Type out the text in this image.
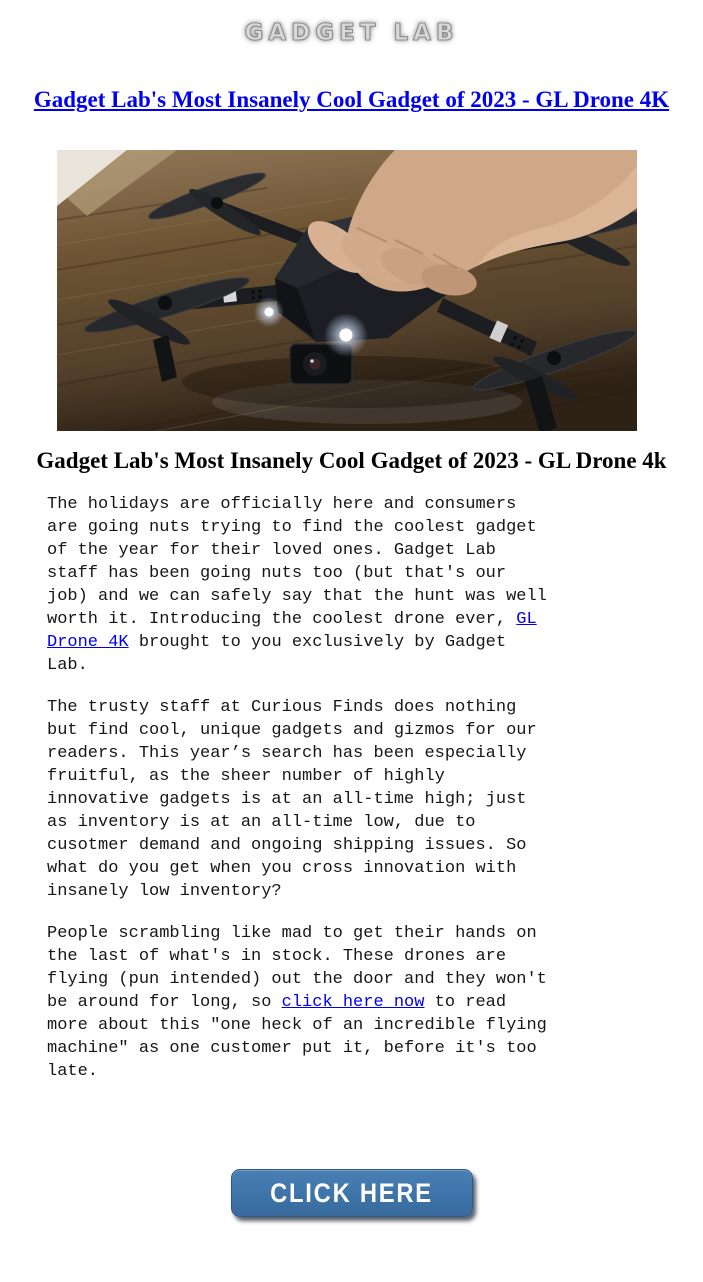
GADGET LAB
Gadget Lab's Most Insanely Cool Gadget of 2023 - GL Drone 4K
Gadget Lab's Most Insanely Cool Gadget of 2023 - GL Drone 4k

The holidays are officially here and consumers are going nuts trying to find the coolest gadget of the year for their loved ones. Gadget Lab staff has been going nuts too (but that's our job) and we can safely say that the hunt was well worth it. Introducing the coolest drone ever, GL Drone 4K brought to you exclusively by Gadget Lab.

The trusty staff at Curious Finds does nothing but find cool, unique gadgets and gizmos for our readers. This year’s search has been especially fruitful, as the sheer number of highly innovative gadgets is at an all-time high; just as inventory is at an all-time low, due to cusotmer demand and ongoing shipping issues. So what do you get when you cross innovation with insanely low inventory?

People scrambling like mad to get their hands on the last of what's in stock. These drones are flying (pun intended) out the door and they won't be around for long, so click here now to read more about this "one heck of an incredible flying machine" as one customer put it, before it's too late.

CLICK HERE
